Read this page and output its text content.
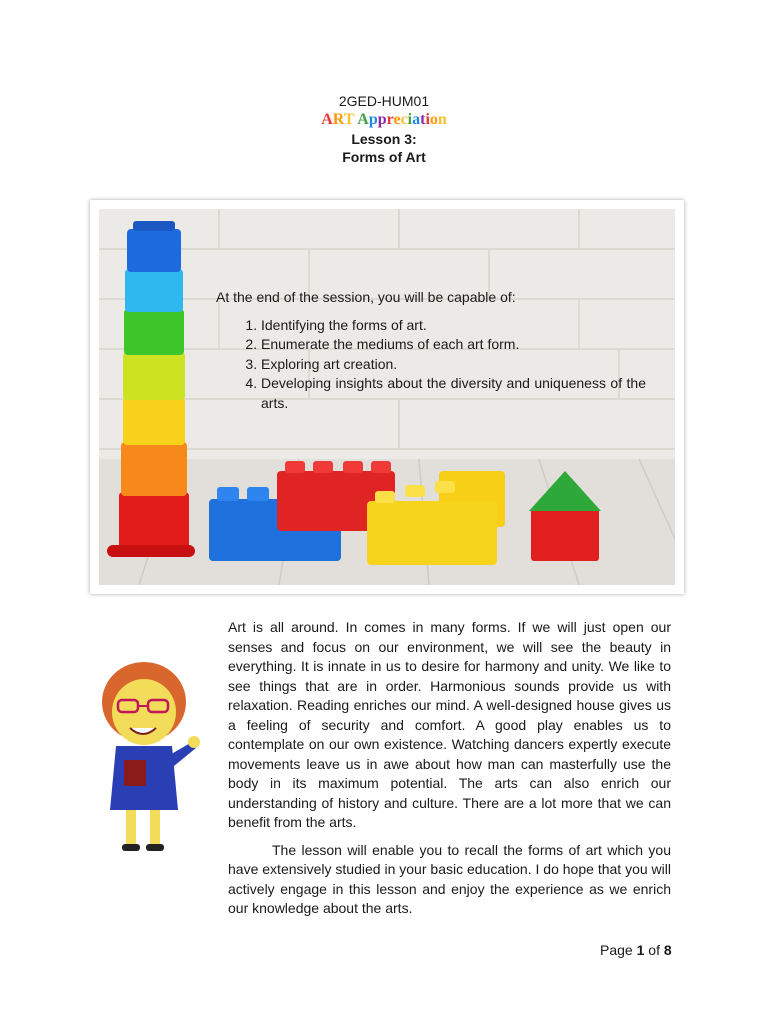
2GED-HUM01
ART Appreciation
Lesson 3:
Forms of Art
At the end of the session, you will be capable of:
1. Identifying the forms of art.
2. Enumerate the mediums of each art form.
3. Exploring art creation.
4. Developing insights about the diversity and uniqueness of the arts.

Art is all around. In comes in many forms. If we will just open our senses and focus on our environment, we will see the beauty in everything. It is innate in us to desire for harmony and unity. We like to see things that are in order. Harmonious sounds provide us with relaxation. Reading enriches our mind. A well-designed house gives us a feeling of security and comfort. A good play enables us to contemplate on our own existence. Watching dancers expertly execute movements leave us in awe about how man can masterfully use the body in its maximum potential. The arts can also enrich our understanding of history and culture. There are a lot more that we can benefit from the arts.

The lesson will enable you to recall the forms of art which you have extensively studied in your basic education. I do hope that you will actively engage in this lesson and enjoy the experience as we enrich our knowledge about the arts.

Page 1 of 8
